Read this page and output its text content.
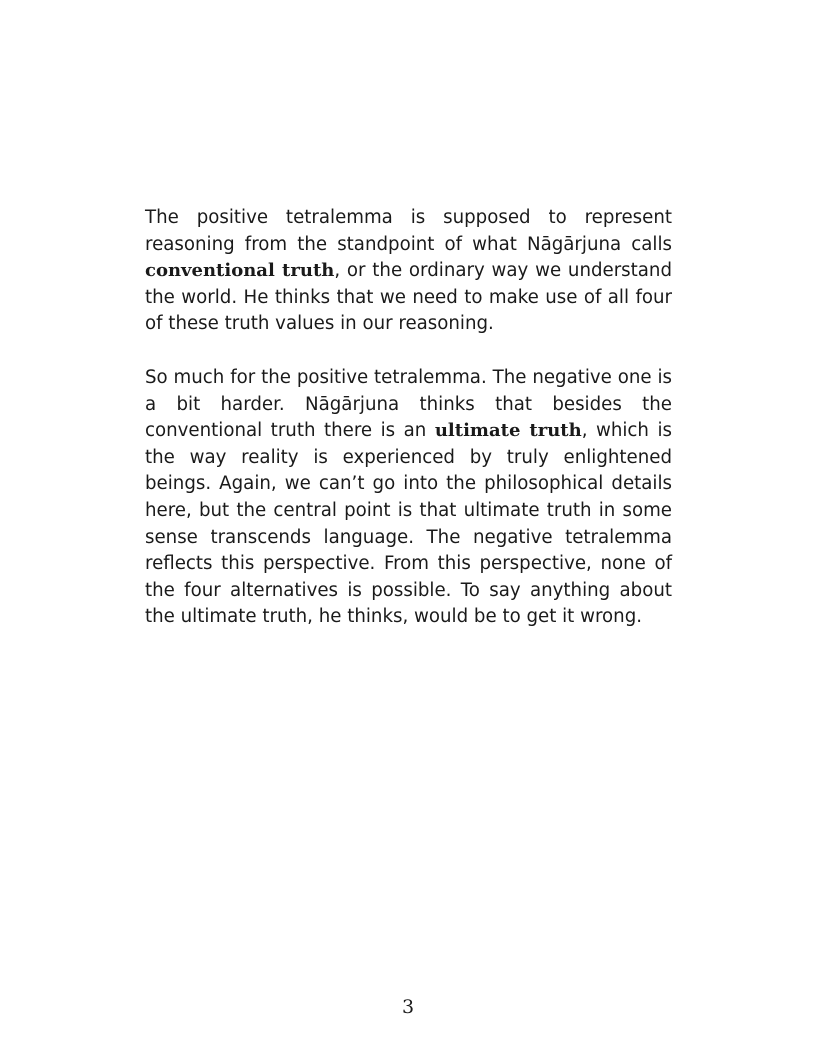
The positive tetralemma is supposed to represent reasoning from the standpoint of what Nāgārjuna calls conventional truth, or the ordinary way we understand the world. He thinks that we need to make use of all four of these truth values in our reasoning.

So much for the positive tetralemma. The negative one is a bit harder. Nāgārjuna thinks that besides the conventional truth there is an ultimate truth, which is the way reality is experienced by truly enlightened beings. Again, we can’t go into the philosophical details here, but the central point is that ultimate truth in some sense transcends language. The negative tetralemma reflects this perspective. From this perspective, none of the four alternatives is possible. To say anything about the ultimate truth, he thinks, would be to get it wrong.

3
